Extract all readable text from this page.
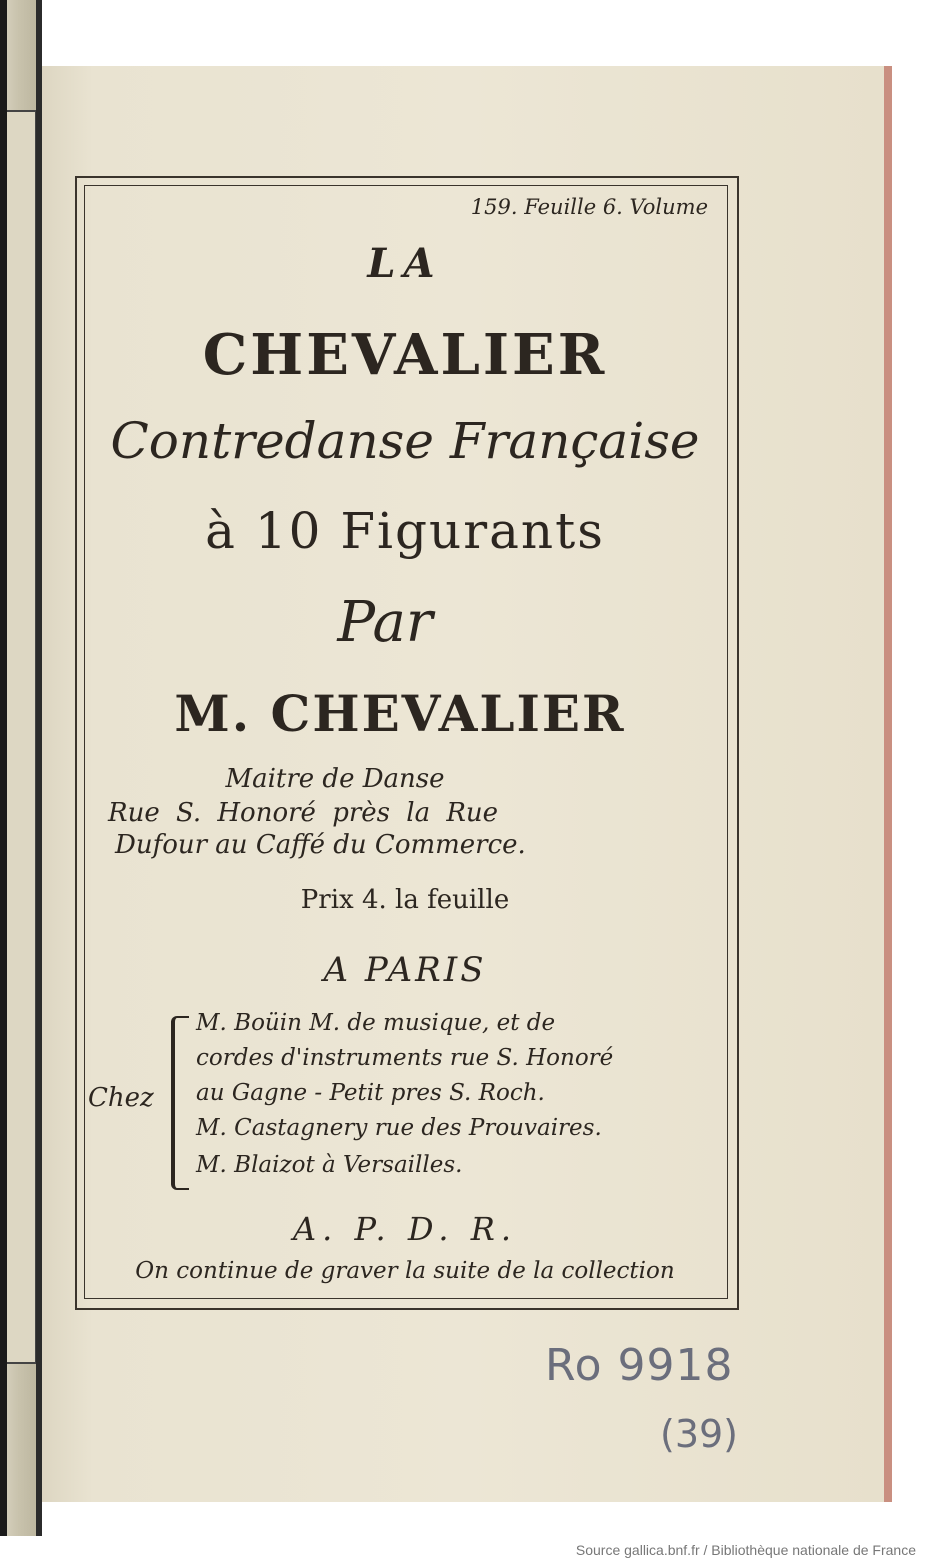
159. Feuille 6. Volume
LA
CHEVALIER
Contredanse Française
à 10 Figurants
Par
M. CHEVALIER
Maitre de Danse
Rue S. Honoré près la Rue
Dufour au Caffé du Commerce.
Prix 4. la feuille
A PARIS
Chez
M. Boüin M. de musique, et de
cordes d'instruments rue S. Honoré
au Gagne - Petit pres S. Roch.
M. Castagnery rue des Prouvaires.
M. Blaizot à Versailles.
A. P. D. R.
On continue de graver la suite de la collection
Ro 9918
(39)
Source gallica.bnf.fr / Bibliothèque nationale de France
